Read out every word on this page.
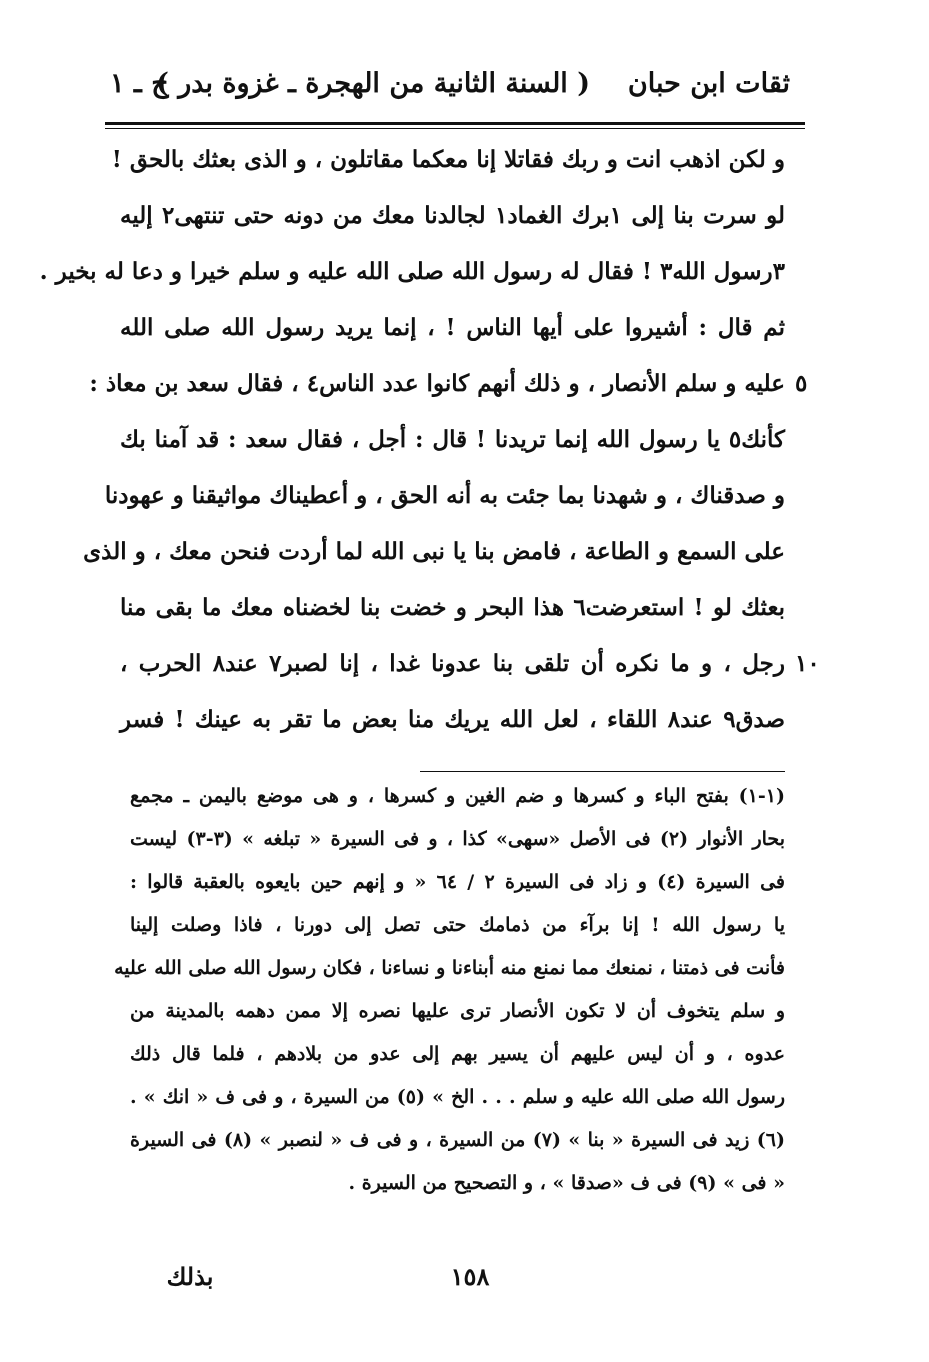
ثقات ابن حبان
( السنة الثانية من الهجرة ـ غزوة بدر )
ج ـ ١
و لكن اذهب انت و ربك فقاتلا إنا معكما مقاتلون ، و الذى بعثك بالحق !
لو سرت بنا إلى ١برك الغماد١ لجالدنا معك من دونه حتى تنتهى٢ إليه
٣رسول الله٣ ! فقال له رسول الله صلى الله عليه و سلم خيرا و دعا له بخير .
ثم قال : أشيروا على أيها الناس ! ، إنما يريد رسول الله صلى الله
عليه و سلم الأنصار ، و ذلك أنهم كانوا عدد الناس٤ ، فقال سعد بن معاذ : ٥
كأنك٥ يا رسول الله إنما تريدنا ! قال : أجل ، فقال سعد : قد آمنا بك
و صدقناك ، و شهدنا بما جئت به أنه الحق ، و أعطيناك مواثيقنا و عهودنا
على السمع و الطاعة ، فامض بنا يا نبى الله لما أردت فنحن معك ، و الذى
بعثك لو ! استعرضت٦ هذا البحر و خضت بنا لخضناه معك ما بقى منا
رجل ، و ما نكره أن تلقى بنا عدونا غدا ، إنا لصبر٧ عند٨ الحرب ، ١٠
صدق٩ عند٨ اللقاء ، لعل الله يريك منا بعض ما تقر به عينك ! فسر
(١-١) بفتح الباء و كسرها و ضم الغين و كسرها ، و هى موضع باليمن ـ مجمع
بحار الأنوار (٢) فى الأصل «سهى» كذا ، و فى السيرة « تبلغه » (٣-٣) ليست
فى السيرة (٤) و زاد فى السيرة ٢ / ٦٤ « و إنهم حين بايعوه بالعقبة قالوا :
يا رسول الله ! إنا برآء من ذمامك حتى تصل إلى دورنا ، فاذا وصلت إلينا
فأنت فى ذمتنا ، نمنعك مما نمنع منه أبناءنا و نساءنا ، فكان رسول الله صلى الله عليه
و سلم يتخوف أن لا تكون الأنصار ترى عليها نصره إلا ممن دهمه بالمدينة من
عدوه ، و أن ليس عليهم أن يسير بهم إلى عدو من بلادهم ، فلما قال ذلك
رسول الله صلى الله عليه و سلم . . . الخ » (٥) من السيرة ، و فى ف « انك » .
(٦) زيد فى السيرة « بنا » (٧) من السيرة ، و فى ف « لنصبر » (٨) فى السيرة
« فى » (٩) فى ف «صدقا » ، و التصحيح من السيرة .
١٥٨
بذلك
